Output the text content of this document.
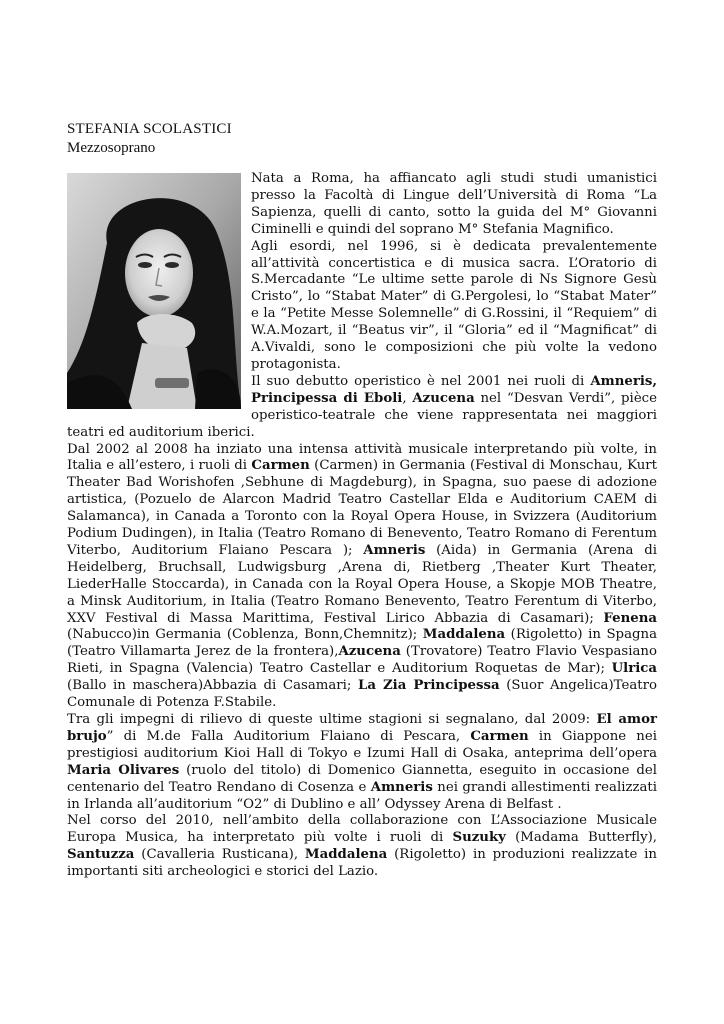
STEFANIA SCOLASTICI
Mezzosoprano

Nata a Roma, ha affiancato agli studi studi umanistici presso la Facoltà di Lingue dell’Università di Roma “La Sapienza, quelli di canto, sotto la guida del M° Giovanni Ciminelli e quindi del soprano M° Stefania Magnifico.

Agli esordi, nel 1996, si è dedicata prevalentemente all’attività concertistica e di musica sacra. L’Oratorio di S.Mercadante “Le ultime sette parole di Ns Signore Gesù Cristo”, lo “Stabat Mater” di G.Pergolesi, lo “Stabat Mater” e la “Petite Messe Solemnelle” di G.Rossini, il “Requiem” di W.A.Mozart, il “Beatus vir”, il “Gloria” ed il “Magnificat” di A.Vivaldi, sono le composizioni che più volte la vedono protagonista.

Il suo debutto operistico è nel 2001 nei ruoli di Amneris, Principessa di Eboli, Azucena nel “Desvan Verdi”, pièce operistico-teatrale che viene rappresentata nei maggiori teatri ed auditorium iberici.

Dal 2002 al 2008 ha inziato una intensa attività musicale interpretando più volte, in Italia e all’estero, i ruoli di Carmen (Carmen) in Germania (Festival di Monschau, Kurt Theater Bad Worishofen ,Sebhune di Magdeburg), in Spagna, suo paese di adozione artistica, (Pozuelo de Alarcon Madrid Teatro Castellar Elda e Auditorium CAEM di Salamanca), in Canada a Toronto con la Royal Opera House, in Svizzera (Auditorium Podium Dudingen), in Italia (Teatro Romano di Benevento, Teatro Romano di Ferentum Viterbo, Auditorium Flaiano Pescara ); Amneris (Aida) in Germania (Arena di Heidelberg, Bruchsall, Ludwigsburg ,Arena di, Rietberg ,Theater Kurt Theater, LiederHalle Stoccarda), in Canada con la Royal Opera House, a Skopje MOB Theatre, a Minsk Auditorium, in Italia (Teatro Romano Benevento, Teatro Ferentum di Viterbo, XXV Festival di Massa Marittima, Festival Lirico Abbazia di Casamari); Fenena (Nabucco)in Germania (Coblenza, Bonn,Chemnitz); Maddalena (Rigoletto) in Spagna (Teatro Villamarta Jerez de la frontera),Azucena (Trovatore) Teatro Flavio Vespasiano Rieti, in Spagna (Valencia) Teatro Castellar e Auditorium Roquetas de Mar); Ulrica (Ballo in maschera)Abbazia di Casamari; La Zia Principessa (Suor Angelica)Teatro Comunale di Potenza F.Stabile.

Tra gli impegni di rilievo di queste ultime stagioni si segnalano, dal 2009: El amor brujo” di M.de Falla Auditorium Flaiano di Pescara, Carmen in Giappone nei prestigiosi auditorium Kioi Hall di Tokyo e Izumi Hall di Osaka, anteprima dell’opera Maria Olivares (ruolo del titolo) di Domenico Giannetta, eseguito in occasione del centenario del Teatro Rendano di Cosenza e Amneris nei grandi allestimenti realizzati in Irlanda all’auditorium “O2” di Dublino e all’ Odyssey Arena di Belfast .

Nel corso del 2010, nell’ambito della collaborazione con L’Associazione Musicale Europa Musica, ha interpretato più volte i ruoli di Suzuky (Madama Butterfly), Santuzza (Cavalleria Rusticana), Maddalena (Rigoletto) in produzioni realizzate in importanti siti archeologici e storici del Lazio.
